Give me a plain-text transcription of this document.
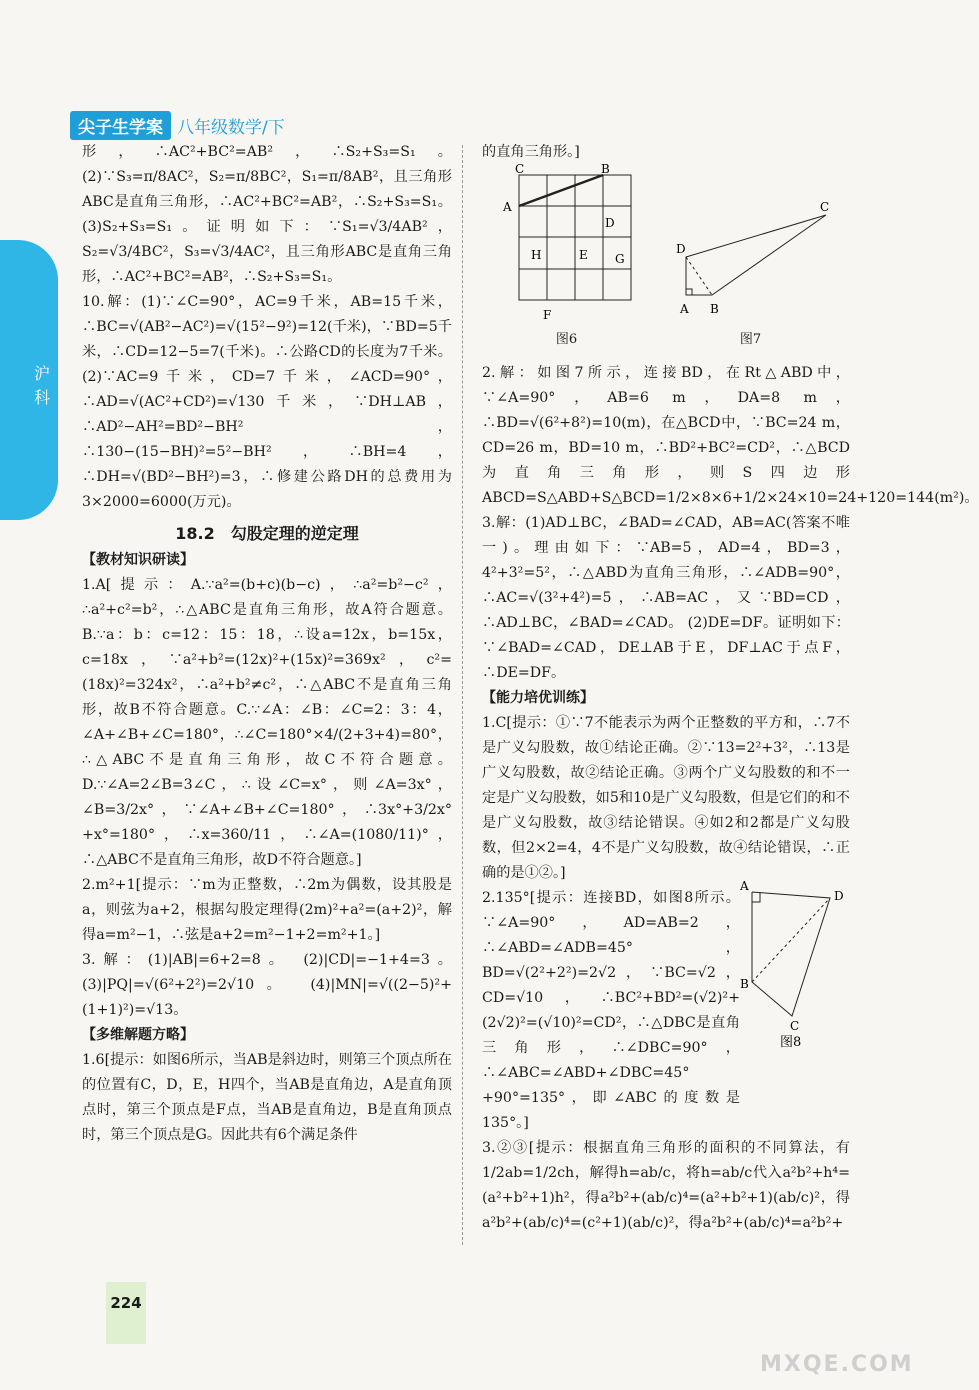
尖子生学案 八年级数学/下
沪科

形，∴AC²+BC²=AB²，∴S₂+S₃=S₁。 (2)∵S₃=π/8AC²，S₂=π/8BC²，S₁=π/8AB²，且三角形ABC是直角三角形，∴AC²+BC²=AB²，∴S₂+S₃=S₁。 (3)S₂+S₃=S₁。证明如下：∵S₁=√3/4AB²，S₂=√3/4BC²，S₃=√3/4AC²，且三角形ABC是直角三角形，∴AC²+BC²=AB²，∴S₂+S₃=S₁。

10.解：(1)∵∠C=90°，AC=9千米，AB=15千米，∴BC=√(AB²−AC²)=√(15²−9²)=12(千米)，∵BD=5千米，∴CD=12−5=7(千米)。∴公路CD的长度为7千米。 (2)∵AC=9千米，CD=7千米，∠ACD=90°，∴AD=√(AC²+CD²)=√130千米，∵DH⊥AB，∴AD²−AH²=BD²−BH²，∴130−(15−BH)²=5²−BH²，∴BH=4，∴DH=√(BD²−BH²)=3，∴修建公路DH的总费用为3×2000=6000(万元)。

18.2　勾股定理的逆定理
【教材知识研读】

1.A[提示：A.∵a²=(b+c)(b−c)，∴a²=b²−c²，∴a²+c²=b²，∴△ABC是直角三角形，故A符合题意。B.∵a：b：c=12：15：18，∴设a=12x，b=15x，c=18x，∵a²+b²=(12x)²+(15x)²=369x²，c²=(18x)²=324x²，∴a²+b²≠c²，∴△ABC不是直角三角形，故B不符合题意。C.∵∠A：∠B：∠C=2：3：4，∠A+∠B+∠C=180°，∴∠C=180°×4/(2+3+4)=80°，∴△ABC不是直角三角形，故C不符合题意。D.∵∠A=2∠B=3∠C，∴设∠C=x°，则∠A=3x°，∠B=3/2x°，∵∠A+∠B+∠C=180°，∴3x°+3/2x°+x°=180°，∴x=360/11，∴∠A=(1080/11)°，∴△ABC不是直角三角形，故D不符合题意。]

2.m²+1[提示：∵m为正整数，∴2m为偶数，设其股是a，则弦为a+2，根据勾股定理得(2m)²+a²=(a+2)²，解得a=m²−1，∴弦是a+2=m²−1+2=m²+1。]

3.解：(1)|AB|=6+2=8。 (2)|CD|=−1+4=3。 (3)|PQ|=√(6²+2²)=2√10。 (4)|MN|=√((2−5)²+(1+1)²)=√13。

【多维解题方略】

1.6[提示：如图6所示，当AB是斜边时，则第三个顶点所在的位置有C，D，E，H四个，当AB是直角边，A是直角顶点时，第三个顶点是F点，当AB是直角边，B是直角顶点时，第三个顶点是G。因此共有6个满足条件

的直角三角形。]

C	B
A
D
H	E G
F
图6
D
A B
C
图7

2.解：如图7所示，连接BD，在Rt△ABD中，∵∠A=90°，AB=6 m，DA=8 m，∴BD=√(6²+8²)=10(m)，在△BCD中，∵BC=24 m，CD=26 m，BD=10 m，∴BD²+BC²=CD²，∴△BCD为直角三角形，则S四边形ABCD=S△ABD+S△BCD=1/2×8×6+1/2×24×10=24+120=144(m²)。

3.解：(1)AD⊥BC，∠BAD=∠CAD，AB=AC(答案不唯一)。理由如下：∵AB=5，AD=4，BD=3，4²+3²=5²，∴△ABD为直角三角形，∴∠ADB=90°，∴AC=√(3²+4²)=5，∴AB=AC，又∵BD=CD，∴AD⊥BC，∠BAD=∠CAD。 (2)DE=DF。证明如下：∵∠BAD=∠CAD，DE⊥AB于E，DF⊥AC于点F，∴DE=DF。

【能力培优训练】

1.C[提示：①∵7不能表示为两个正整数的平方和，∴7不是广义勾股数，故①结论正确。②∵13=2²+3²，∴13是广义勾股数，故②结论正确。③两个广义勾股数的和不一定是广义勾股数，如5和10是广义勾股数，但是它们的和不是广义勾股数，故③结论错误。④如2和2都是广义勾股数，但2×2=4，4不是广义勾股数，故④结论错误，∴正确的是①②。]

2.135°[提示：连接BD，如图8所示。∵∠A=90°，AD=AB=2，∴∠ABD=∠ADB=45°，BD=√(2²+2²)=2√2，∵BC=√2，CD=√10，∴BC²+BD²=(√2)²+(2√2)²=(√10)²=CD²，∴△DBC是直角三角形，∴∠DBC=90°，∴∠ABC=∠ABD+∠DBC=45°+90°=135°，即∠ABC的度数是135°。]

3.②③[提示：根据直角三角形的面积的不同算法，有1/2ab=1/2ch，解得h=ab/c，将h=ab/c代入a²b²+h⁴=(a²+b²+1)h²，得a²b²+(ab/c)⁴=(a²+b²+1)(ab/c)²，得a²b²+(ab/c)⁴=(c²+1)(ab/c)²，得a²b²+(ab/c)⁴=a²b²+

A
D
B
C
图8
224
MXQE.COM
